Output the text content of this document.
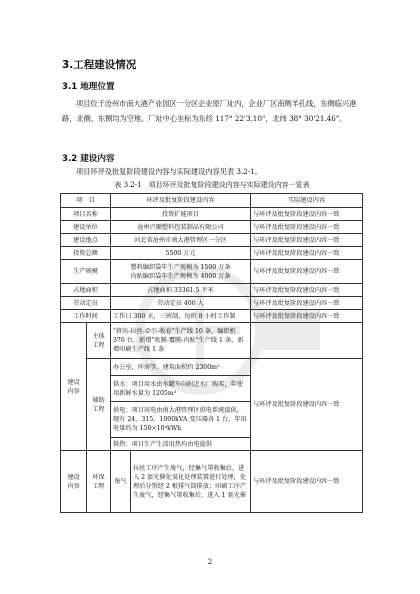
3.工程建设情况
3.1 地理位置
项目位于沧州市南大港产业园区一分区企业原厂址内，企业厂区南侧羊孔线，东侧临兴港路，北侧、东侧均为空地。厂址中心坐标为东经 117° 22'3.10"，北纬 38° 30'21.46"。
3.2 建设内容
项目环评及批复阶段建设内容与实际建设内容见表 3.2-1。
表 3.2-1　项目环评及批复阶段建设内容与实际建设内容一览表
项　目		环评及批复阶段建设内容		实际建设内容
项目名称		投资扩能项目		与环评及批复阶段建设内容一致
建设单位		沧州兴顺塑料包装制品有限公司		与环评及批复阶段建设内容一致
建设地点		河北省沧州市南大港管理区一分区		与环评及批复阶段建设内容一致
投资总额		5500 万元		与环评及批复阶段建设内容一致
生产规模		塑料编织袋年生产规模为 1500 万条
内贴编织袋年生产规模为 4000 万条		与环评及批复阶段建设内容一致
占地面积		占地面积 33361.5 平米		与环评及批复阶段建设内容一致
劳动定员		劳动定员 400 人		与环评及批复阶段建设内容一致
工作时间		工作日 300 天，三班制，每班 8 小时工作制		与环评及批复阶段建设内容一致
建设
内容	主体
工程	"挤出-拉丝-牵引-收卷"生产线 10 条，编织机 370 台，新增"吹膜-覆膜-内贴"生产线 1 条，新增印刷生产线 1 条		
	辅助
工程	办公室、库房等，建筑面积约 2300m²		与环评及批复阶段建设内容一致
		供水：项目用水由水罐车向附近水厂购买，年使用新鲜水量为 1205m³		
		供电：项目用电由南大港管理区供电系统提供，现有 24、315、1000kVA 变压器各 1 台，年用电量约为 150×10⁴kWh		
		供热：项目生产生活用热均由电提供		
建设
内容	环保
工程	废气	拉丝工序产生废气，经集气罩收集后，进入 2 套光催化氧化处理装置进行处理，处理后分别经 2 根排气筒排放；印刷工序产生废气，经集气罩收集后，进入 1 套光催	与环评及批复阶段建设内容一致
2
